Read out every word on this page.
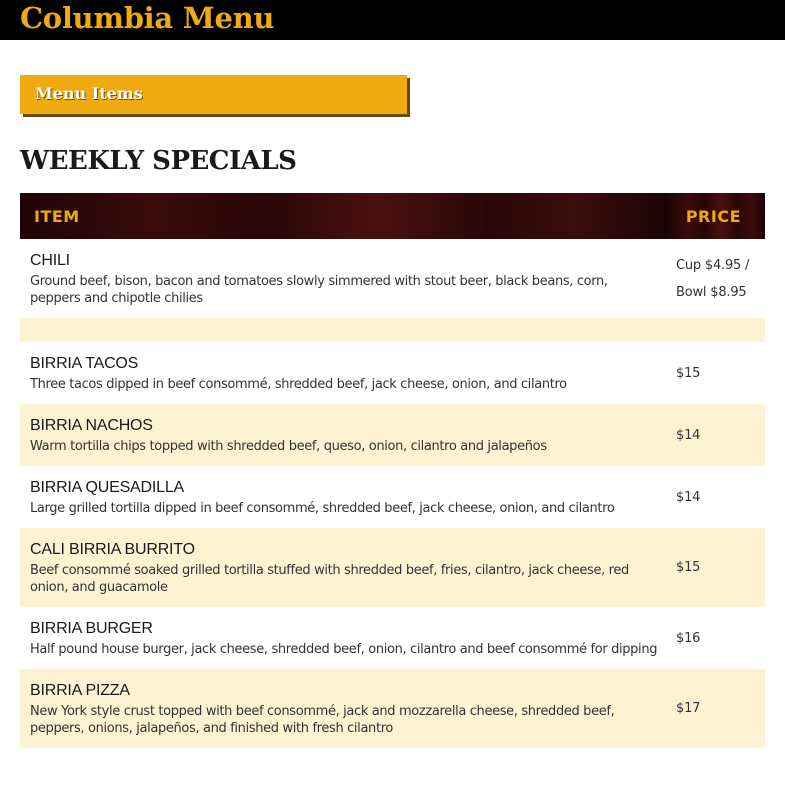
Columbia Menu
Menu Items
WEEKLY SPECIALS
ITEM	PRICE

CHILI
Ground beef, bison, bacon and tomatoes slowly simmered with stout beer, black beans, corn, peppers and chipotle chilies	Cup $4.95 / Bowl $8.95

BIRRIA TACOS
Three tacos dipped in beef consommé, shredded beef, jack cheese, onion, and cilantro	$15

BIRRIA NACHOS
Warm tortilla chips topped with shredded beef, queso, onion, cilantro and jalapeños	$14

BIRRIA QUESADILLA
Large grilled tortilla dipped in beef consommé, shredded beef, jack cheese, onion, and cilantro	$14

CALI BIRRIA BURRITO
Beef consommé soaked grilled tortilla stuffed with shredded beef, fries, cilantro, jack cheese, red onion, and guacamole	$15

BIRRIA BURGER
Half pound house burger, jack cheese, shredded beef, onion, cilantro and beef consommé for dipping	$16

BIRRIA PIZZA
New York style crust topped with beef consommé, jack and mozzarella cheese, shredded beef, peppers, onions, jalapeños, and finished with fresh cilantro	$17
